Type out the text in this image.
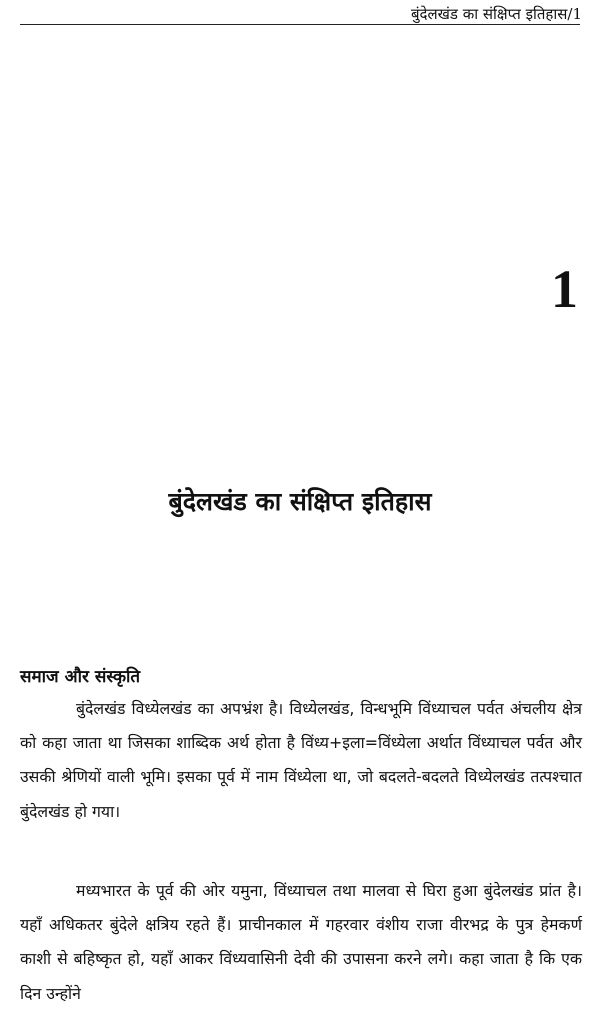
बुंदेलखंड का संक्षिप्त इतिहास/1
1
बुंदेलखंड का संक्षिप्त इतिहास
समाज और संस्कृति

बुंदेलखंड विध्येलखंड का अपभ्रंश है। विध्येलखंड, विन्धभूमि विंध्याचल पर्वत अंचलीय क्षेत्र को कहा जाता था जिसका शाब्दिक अर्थ होता है विंध्य+इला=विंध्येला अर्थात विंध्याचल पर्वत और उसकी श्रेणियों वाली भूमि। इसका पूर्व में नाम विंध्येला था, जो बदलते-बदलते विध्येलखंड तत्पश्चात बुंदेलखंड हो गया।

मध्यभारत के पूर्व की ओर यमुना, विंध्याचल तथा मालवा से घिरा हुआ बुंदेलखंड प्रांत है। यहाँ अधिकतर बुंदेले क्षत्रिय रहते हैं। प्राचीनकाल में गहरवार वंशीय राजा वीरभद्र के पुत्र हेमकर्ण काशी से बहिष्कृत हो, यहाँ आकर विंध्यवासिनी देवी की उपासना करने लगे। कहा जाता है कि एक दिन उन्होंने
